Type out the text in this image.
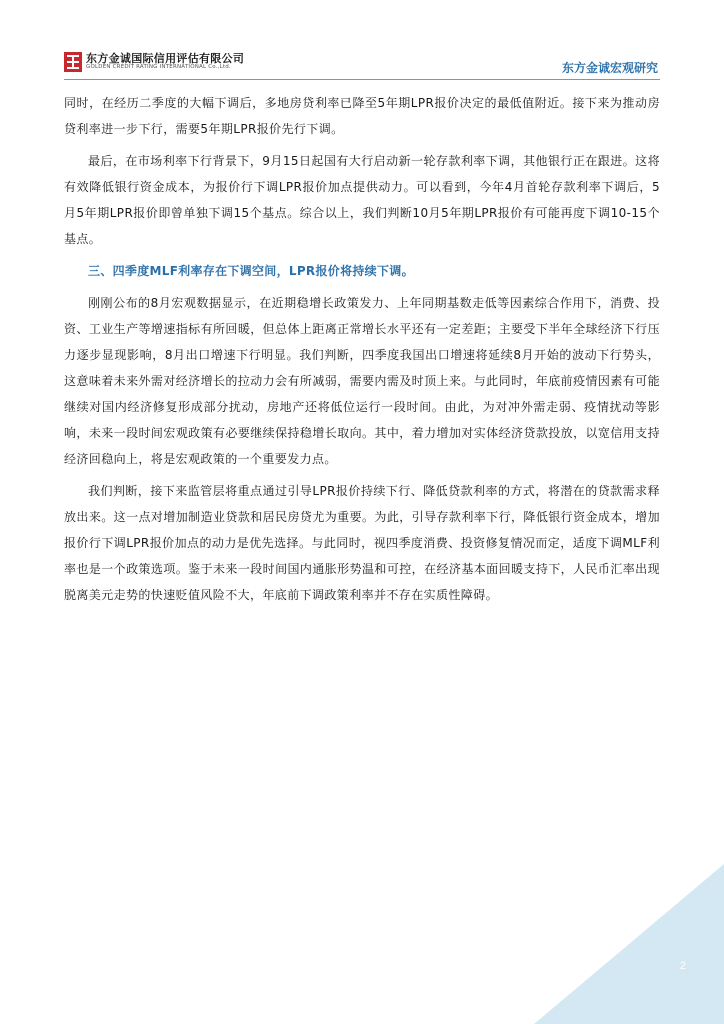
东方金诚国际信用评估有限公司
GOLDEN CREDIT RATING INTERNATIONAL Co.,Ltd.	东方金诚宏观研究

同时，在经历二季度的大幅下调后，多地房贷利率已降至5年期LPR报价决定的最低值附近。接下来为推动房贷利率进一步下行，需要5年期LPR报价先行下调。

最后，在市场利率下行背景下，9月15日起国有大行启动新一轮存款利率下调，其他银行正在跟进。这将有效降低银行资金成本，为报价行下调LPR报价加点提供动力。可以看到，今年4月首轮存款利率下调后，5月5年期LPR报价即曾单独下调15个基点。综合以上，我们判断10月5年期LPR报价有可能再度下调10-15个基点。

三、四季度MLF利率存在下调空间，LPR报价将持续下调。

刚刚公布的8月宏观数据显示，在近期稳增长政策发力、上年同期基数走低等因素综合作用下，消费、投资、工业生产等增速指标有所回暖，但总体上距离正常增长水平还有一定差距；主要受下半年全球经济下行压力逐步显现影响，8月出口增速下行明显。我们判断，四季度我国出口增速将延续8月开始的波动下行势头，这意味着未来外需对经济增长的拉动力会有所减弱，需要内需及时顶上来。与此同时，年底前疫情因素有可能继续对国内经济修复形成部分扰动，房地产还将低位运行一段时间。由此，为对冲外需走弱、疫情扰动等影响，未来一段时间宏观政策有必要继续保持稳增长取向。其中，着力增加对实体经济贷款投放，以宽信用支持经济回稳向上，将是宏观政策的一个重要发力点。

我们判断，接下来监管层将重点通过引导LPR报价持续下行、降低贷款利率的方式，将潜在的贷款需求释放出来。这一点对增加制造业贷款和居民房贷尤为重要。为此，引导存款利率下行，降低银行资金成本，增加报价行下调LPR报价加点的动力是优先选择。与此同时，视四季度消费、投资修复情况而定，适度下调MLF利率也是一个政策选项。鉴于未来一段时间国内通胀形势温和可控，在经济基本面回暖支持下，人民币汇率出现脱离美元走势的快速贬值风险不大，年底前下调政策利率并不存在实质性障碍。

2
